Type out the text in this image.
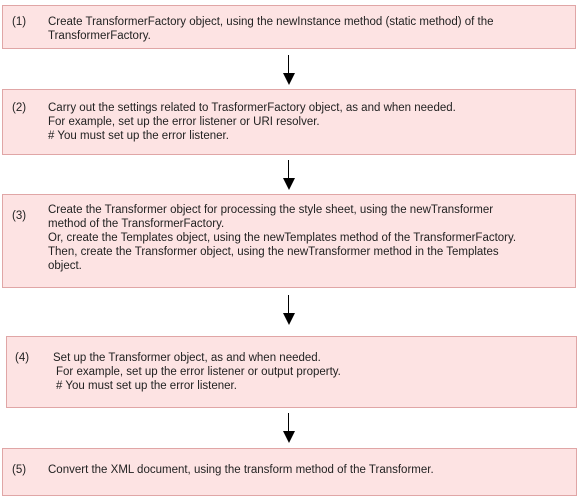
(1) Create TransformerFactory object, using the newInstance method (static method) of the
TransformerFactory.
(2) Carry out the settings related to TrasformerFactory object, as and when needed.
For example, set up the error listener or URI resolver.
# You must set up the error listener.
(3) Create the Transformer object for processing the style sheet, using the newTransformer
method of the TransformerFactory.
Or, create the Templates object, using the newTemplates method of the TransformerFactory.
Then, create the Transformer object, using the newTransformer method in the Templates
object.
(4) Set up the Transformer object, as and when needed.
For example, set up the error listener or output property.
# You must set up the error listener.
(5) Convert the XML document, using the transform method of the Transformer.
